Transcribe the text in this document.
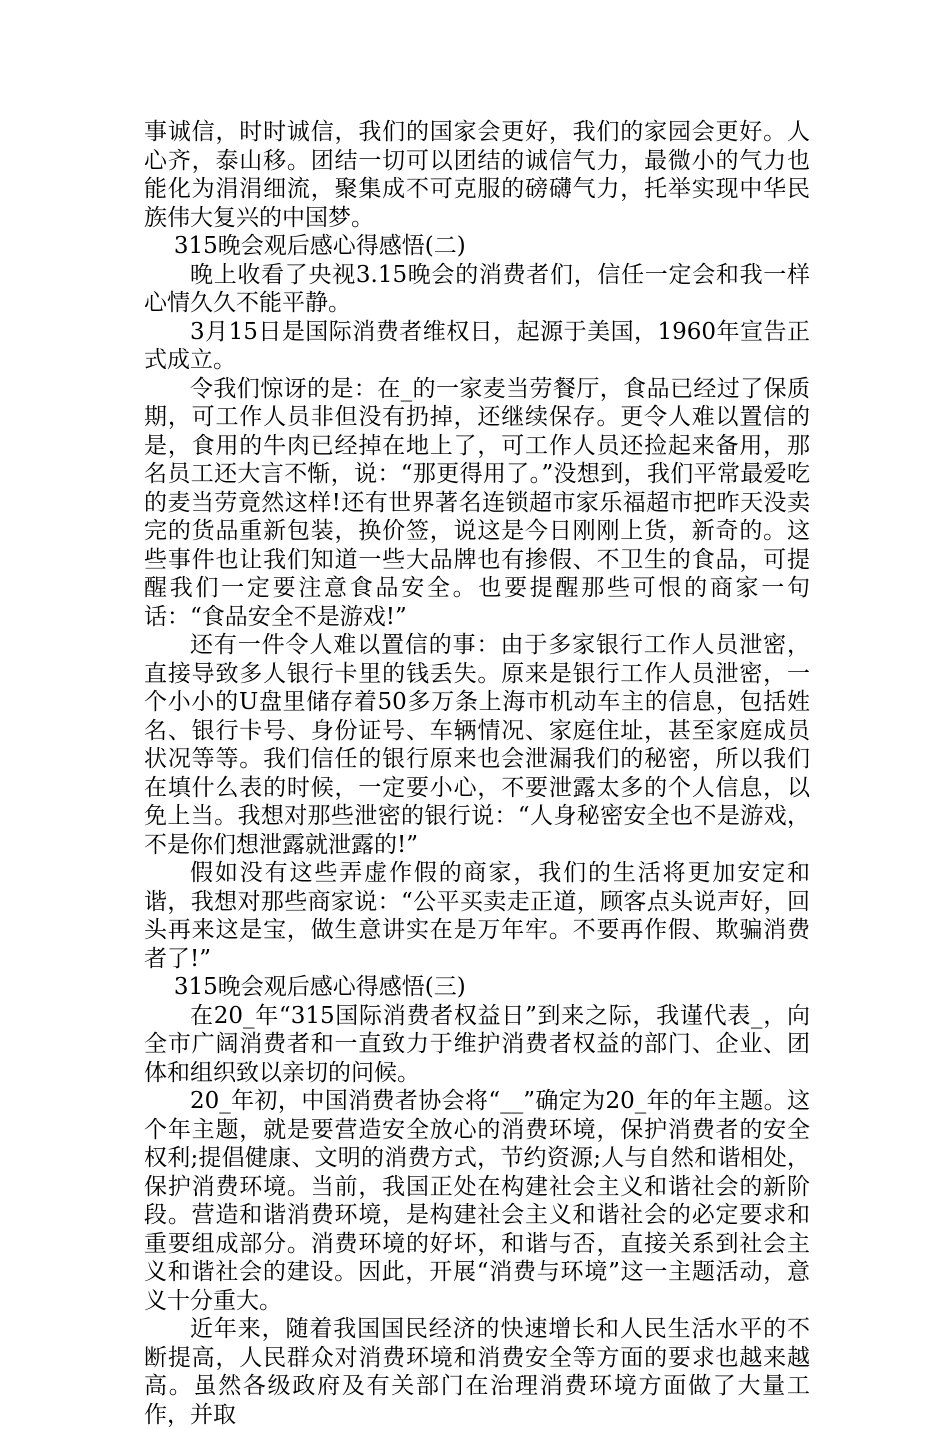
事诚信，时时诚信，我们的国家会更好，我们的家园会更好。人心齐，泰山移。团结一切可以团结的诚信气力，最微小的气力也能化为涓涓细流，聚集成不可克服的磅礴气力，托举实现中华民族伟大复兴的中国梦。

315晚会观后感心得感悟(二)

晚上收看了央视3.15晚会的消费者们，信任一定会和我一样心情久久不能平静。

3月15日是国际消费者维权日，起源于美国，1960年宣告正式成立。

令我们惊讶的是：在_的一家麦当劳餐厅，食品已经过了保质期，可工作人员非但没有扔掉，还继续保存。更令人难以置信的是，食用的牛肉已经掉在地上了，可工作人员还捡起来备用，那名员工还大言不惭，说：“那更得用了。”没想到，我们平常最爱吃的麦当劳竟然这样!还有世界著名连锁超市家乐福超市把昨天没卖完的货品重新包装，换价签，说这是今日刚刚上货，新奇的。这些事件也让我们知道一些大品牌也有掺假、不卫生的食品，可提醒我们一定要注意食品安全。也要提醒那些可恨的商家一句话：“食品安全不是游戏!”

还有一件令人难以置信的事：由于多家银行工作人员泄密，直接导致多人银行卡里的钱丢失。原来是银行工作人员泄密，一个小小的U盘里储存着50多万条上海市机动车主的信息，包括姓名、银行卡号、身份证号、车辆情况、家庭住址，甚至家庭成员状况等等。我们信任的银行原来也会泄漏我们的秘密，所以我们在填什么表的时候，一定要小心，不要泄露太多的个人信息，以免上当。我想对那些泄密的银行说：“人身秘密安全也不是游戏，不是你们想泄露就泄露的!”

假如没有这些弄虚作假的商家，我们的生活将更加安定和谐，我想对那些商家说：“公平买卖走正道，顾客点头说声好，回头再来这是宝，做生意讲实在是万年牢。不要再作假、欺骗消费者了!”

315晚会观后感心得感悟(三)

在20_年“315国际消费者权益日”到来之际，我谨代表_，向全市广阔消费者和一直致力于维护消费者权益的部门、企业、团体和组织致以亲切的问候。

20_年初，中国消费者协会将“__”确定为20_年的年主题。这个年主题，就是要营造安全放心的消费环境，保护消费者的安全权利;提倡健康、文明的消费方式，节约资源;人与自然和谐相处，保护消费环境。当前，我国正处在构建社会主义和谐社会的新阶段。营造和谐消费环境，是构建社会主义和谐社会的必定要求和重要组成部分。消费环境的好坏，和谐与否，直接关系到社会主义和谐社会的建设。因此，开展“消费与环境”这一主题活动，意义十分重大。

近年来，随着我国国民经济的快速增长和人民生活水平的不断提高，人民群众对消费环境和消费安全等方面的要求也越来越高。虽然各级政府及有关部门在治理消费环境方面做了大量工作，并取
